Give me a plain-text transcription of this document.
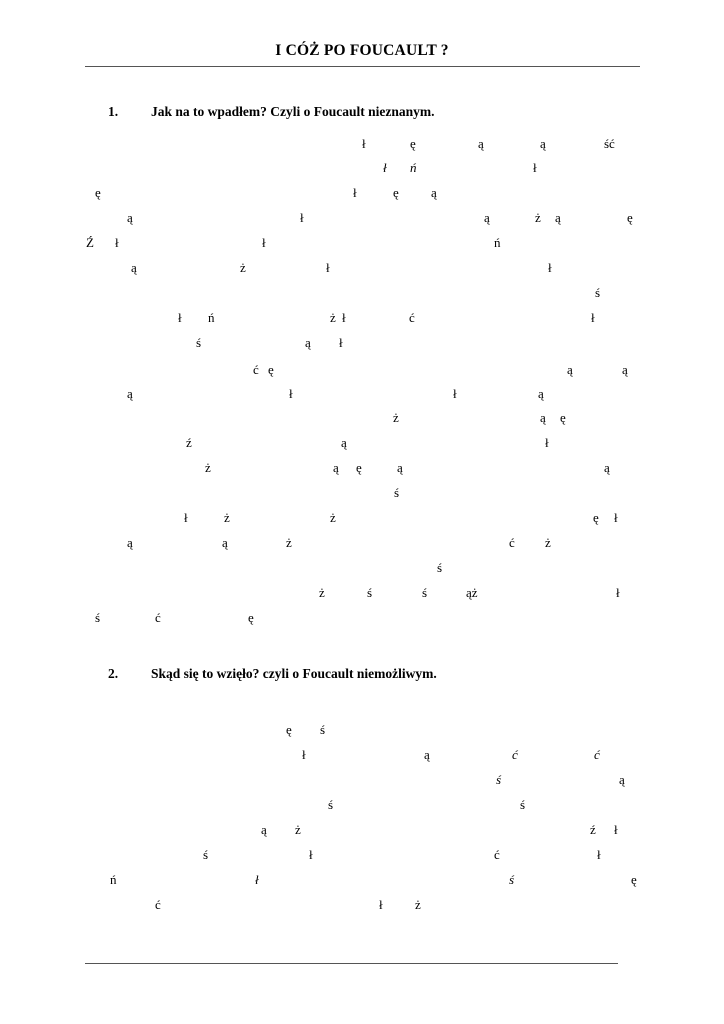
I CÓŻ PO FOUCAULT ?
1. Jak na to wpadłem? Czyli o Foucault nieznanym.
2. Skąd się to wzięło? czyli o Foucault niemożliwym.
ł	ę	ą	ą	ść
ł ń	ł
ę	ł	ę ą
ą	ł	ą	ż ą	ę
Ź ł	ł	ń
ą	ż	ł	ł
ś
ł ń	ż ł	ć	ł
ś	ą ł
ć ę	ą	ą
ą	ł	ł	ą
ż	ą ę
ź	ą	ł
ż	ą ę	ą	ą
ś
ł	ż	ż	ę ł
ą	ą	ż	ć ż
ś
ż	ś	ś	ąż	ł
ś	ć	ę
ę ś
ł	ą	ć	ć
ś	ą
ś	ś
ą ż	ź ł
ś	ł	ć	ł
ń	ł	ś	ę
ć	ł ż
